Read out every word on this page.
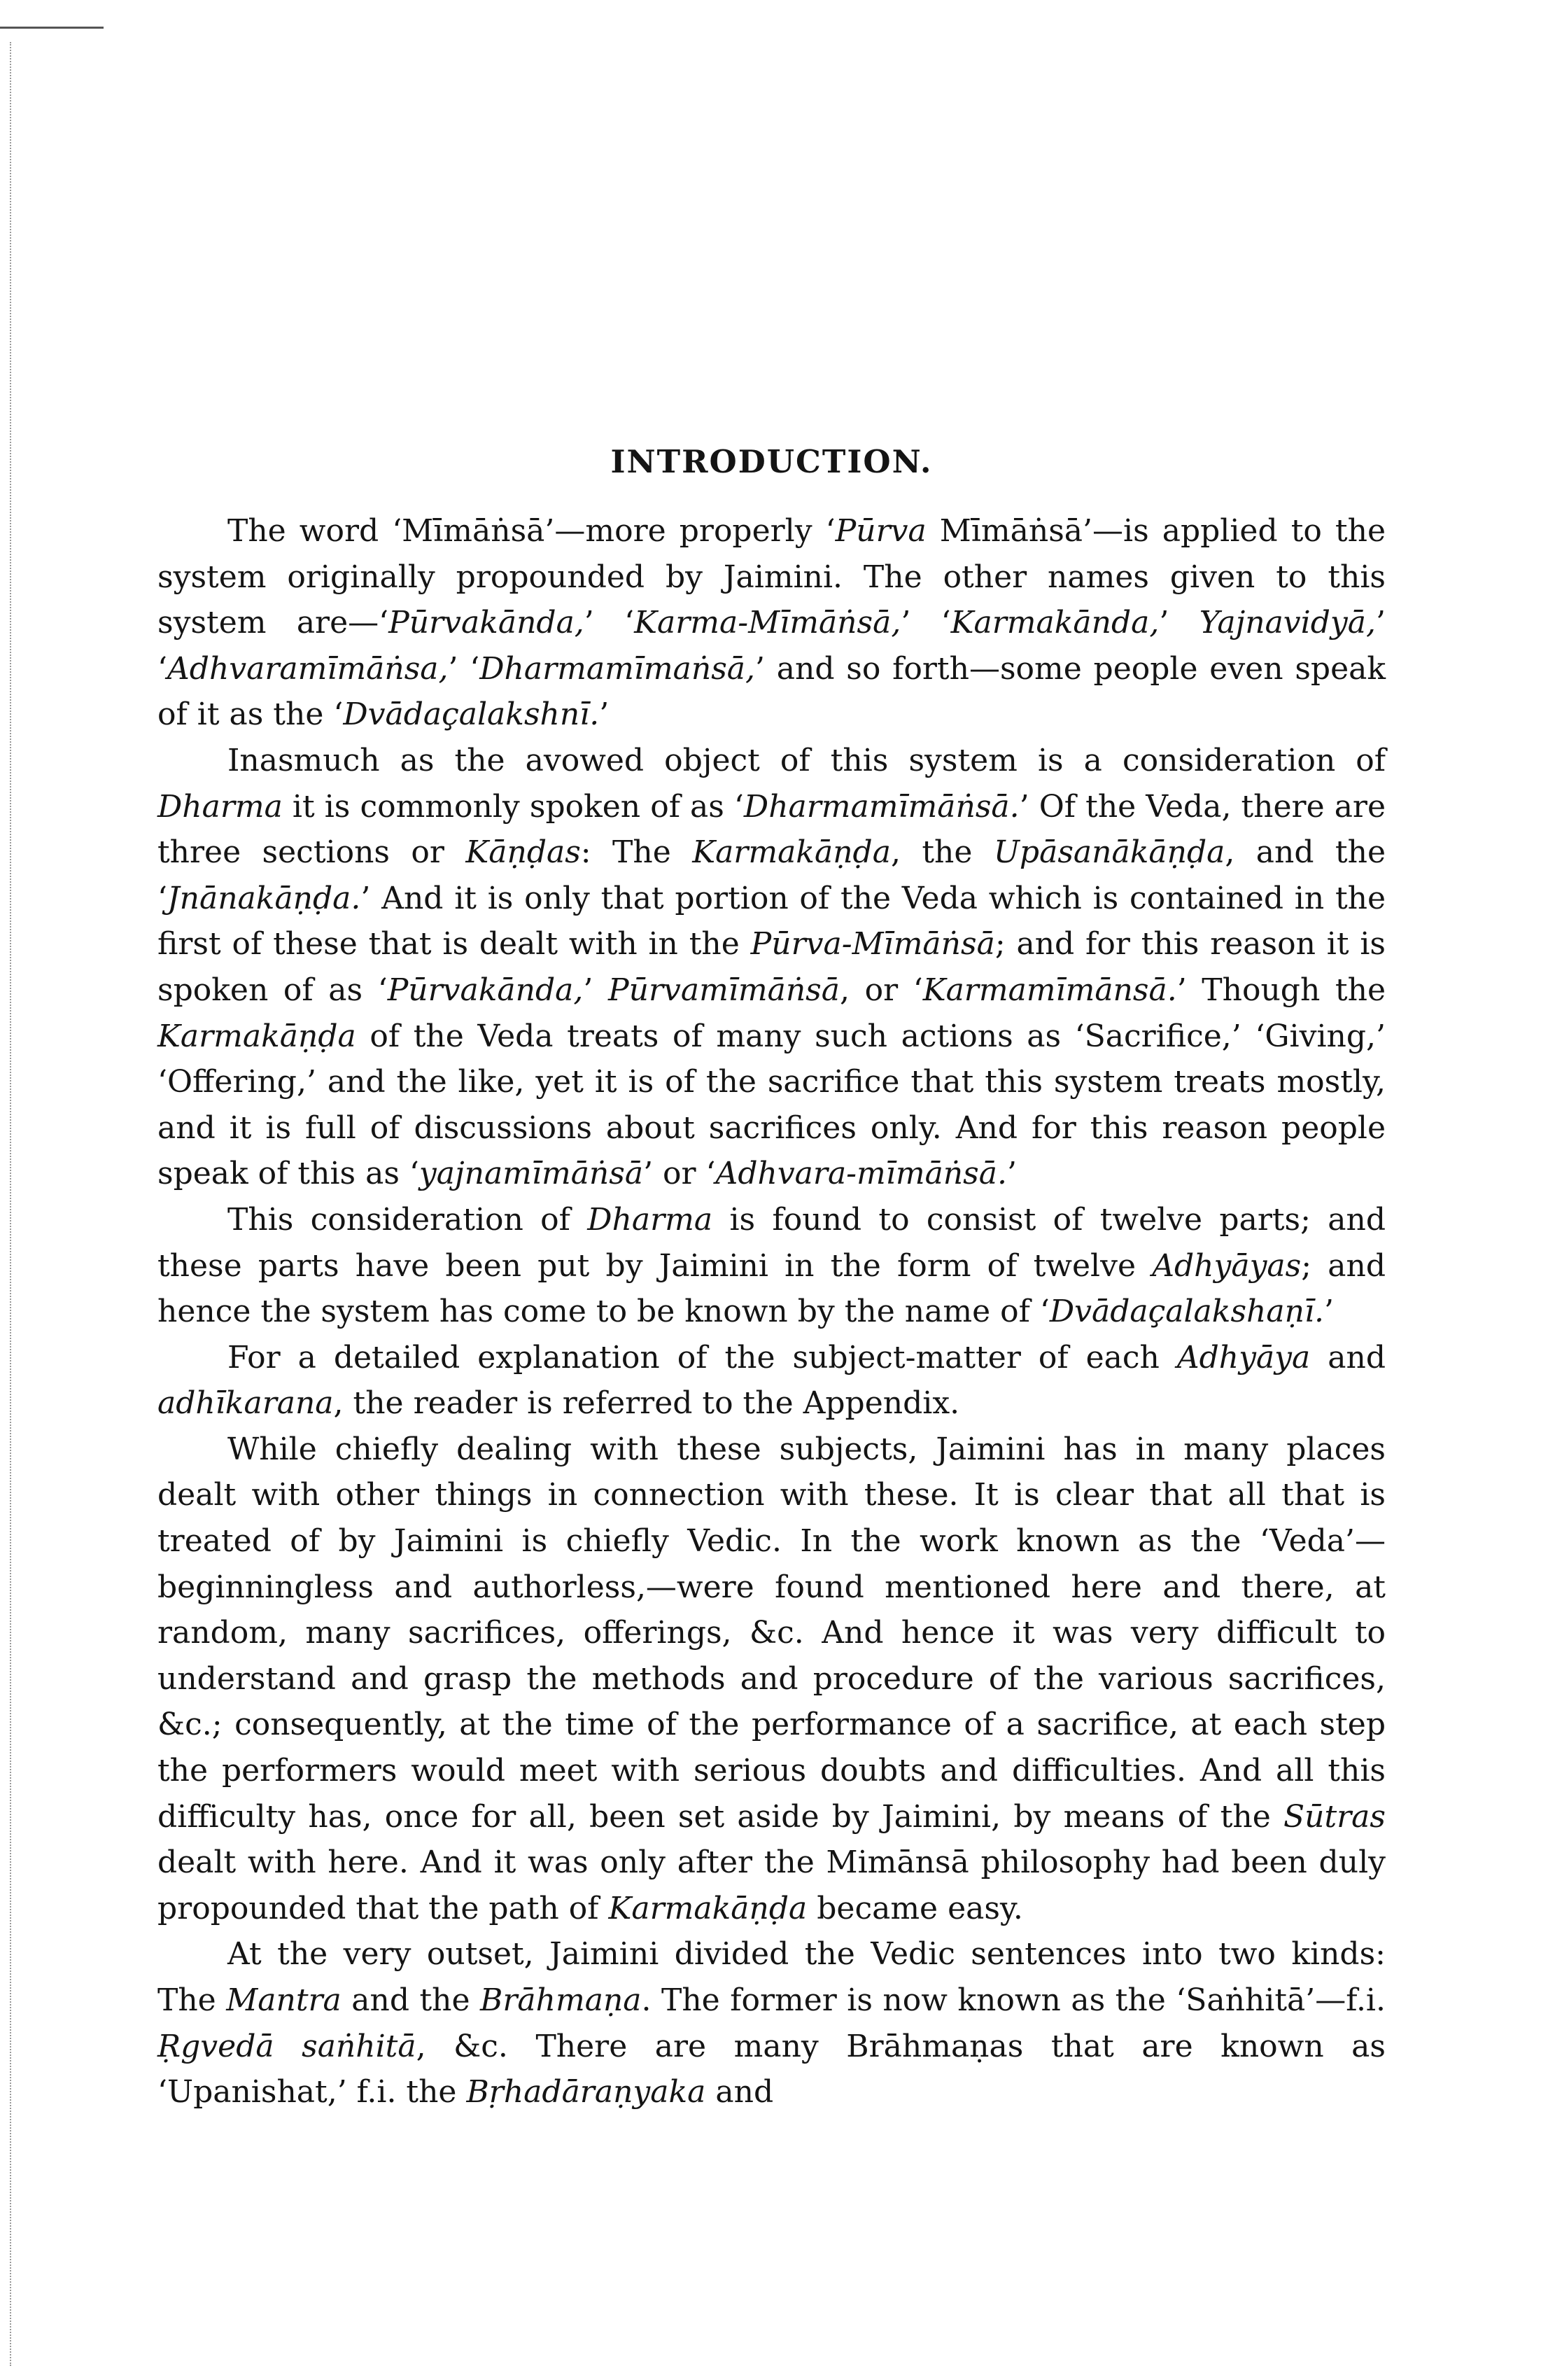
INTRODUCTION.

The word ‘Mīmāṅsā’—more properly ‘Pūrva Mīmāṅsā’—is applied to the system originally propounded by Jaimini. The other names given to this system are—‘Pūrvakānda,’ ‘Karma-Mīmāṅsā,’ ‘Karmakānda,’ Yajnavidyā,’ ‘Adhvaramīmāṅsa,’ ‘Dharmamīmaṅsā,’ and so forth—some people even speak of it as the ‘Dvādaçalakshnī.’

Inasmuch as the avowed object of this system is a consideration of Dharma it is commonly spoken of as ‘Dharmamīmāṅsā.’ Of the Veda, there are three sections or Kāṇḍas: The Karmakāṇḍa, the Upāsanākāṇḍa, and the ‘Jnānakāṇḍa.’ And it is only that portion of the Veda which is contained in the first of these that is dealt with in the Pūrva-Mīmāṅsā; and for this reason it is spoken of as ‘Pūrvakānda,’ Pūrvamīmāṅsā, or ‘Karmamīmānsā.’ Though the Karmakāṇḍa of the Veda treats of many such actions as ‘Sacrifice,’ ‘Giving,’ ‘Offering,’ and the like, yet it is of the sacrifice that this system treats mostly, and it is full of discussions about sacrifices only. And for this reason people speak of this as ‘yajnamīmāṅsā’ or ‘Adhvara-mīmāṅsā.’

This consideration of Dharma is found to consist of twelve parts; and these parts have been put by Jaimini in the form of twelve Adhyāyas; and hence the system has come to be known by the name of ‘Dvādaçalakshaṇī.’

For a detailed explanation of the subject-matter of each Adhyāya and adhīkarana, the reader is referred to the Appendix.

While chiefly dealing with these subjects, Jaimini has in many places dealt with other things in connection with these. It is clear that all that is treated of by Jaimini is chiefly Vedic. In the work known as the ‘Veda’—beginningless and authorless,—were found mentioned here and there, at random, many sacrifices, offerings, &c. And hence it was very difficult to understand and grasp the methods and procedure of the various sacrifices, &c.; consequently, at the time of the performance of a sacrifice, at each step the performers would meet with serious doubts and difficulties. And all this difficulty has, once for all, been set aside by Jaimini, by means of the Sūtras dealt with here. And it was only after the Mimānsā philosophy had been duly propounded that the path of Karmakāṇḍa became easy.

At the very outset, Jaimini divided the Vedic sentences into two kinds: The Mantra and the Brāhmaṇa. The former is now known as the ‘Saṅhitā’—f.i. Ṛgvedā saṅhitā, &c. There are many Brāhmaṇas that are known as ‘Upanishat,’ f.i. the Bṛhadāraṇyaka and
